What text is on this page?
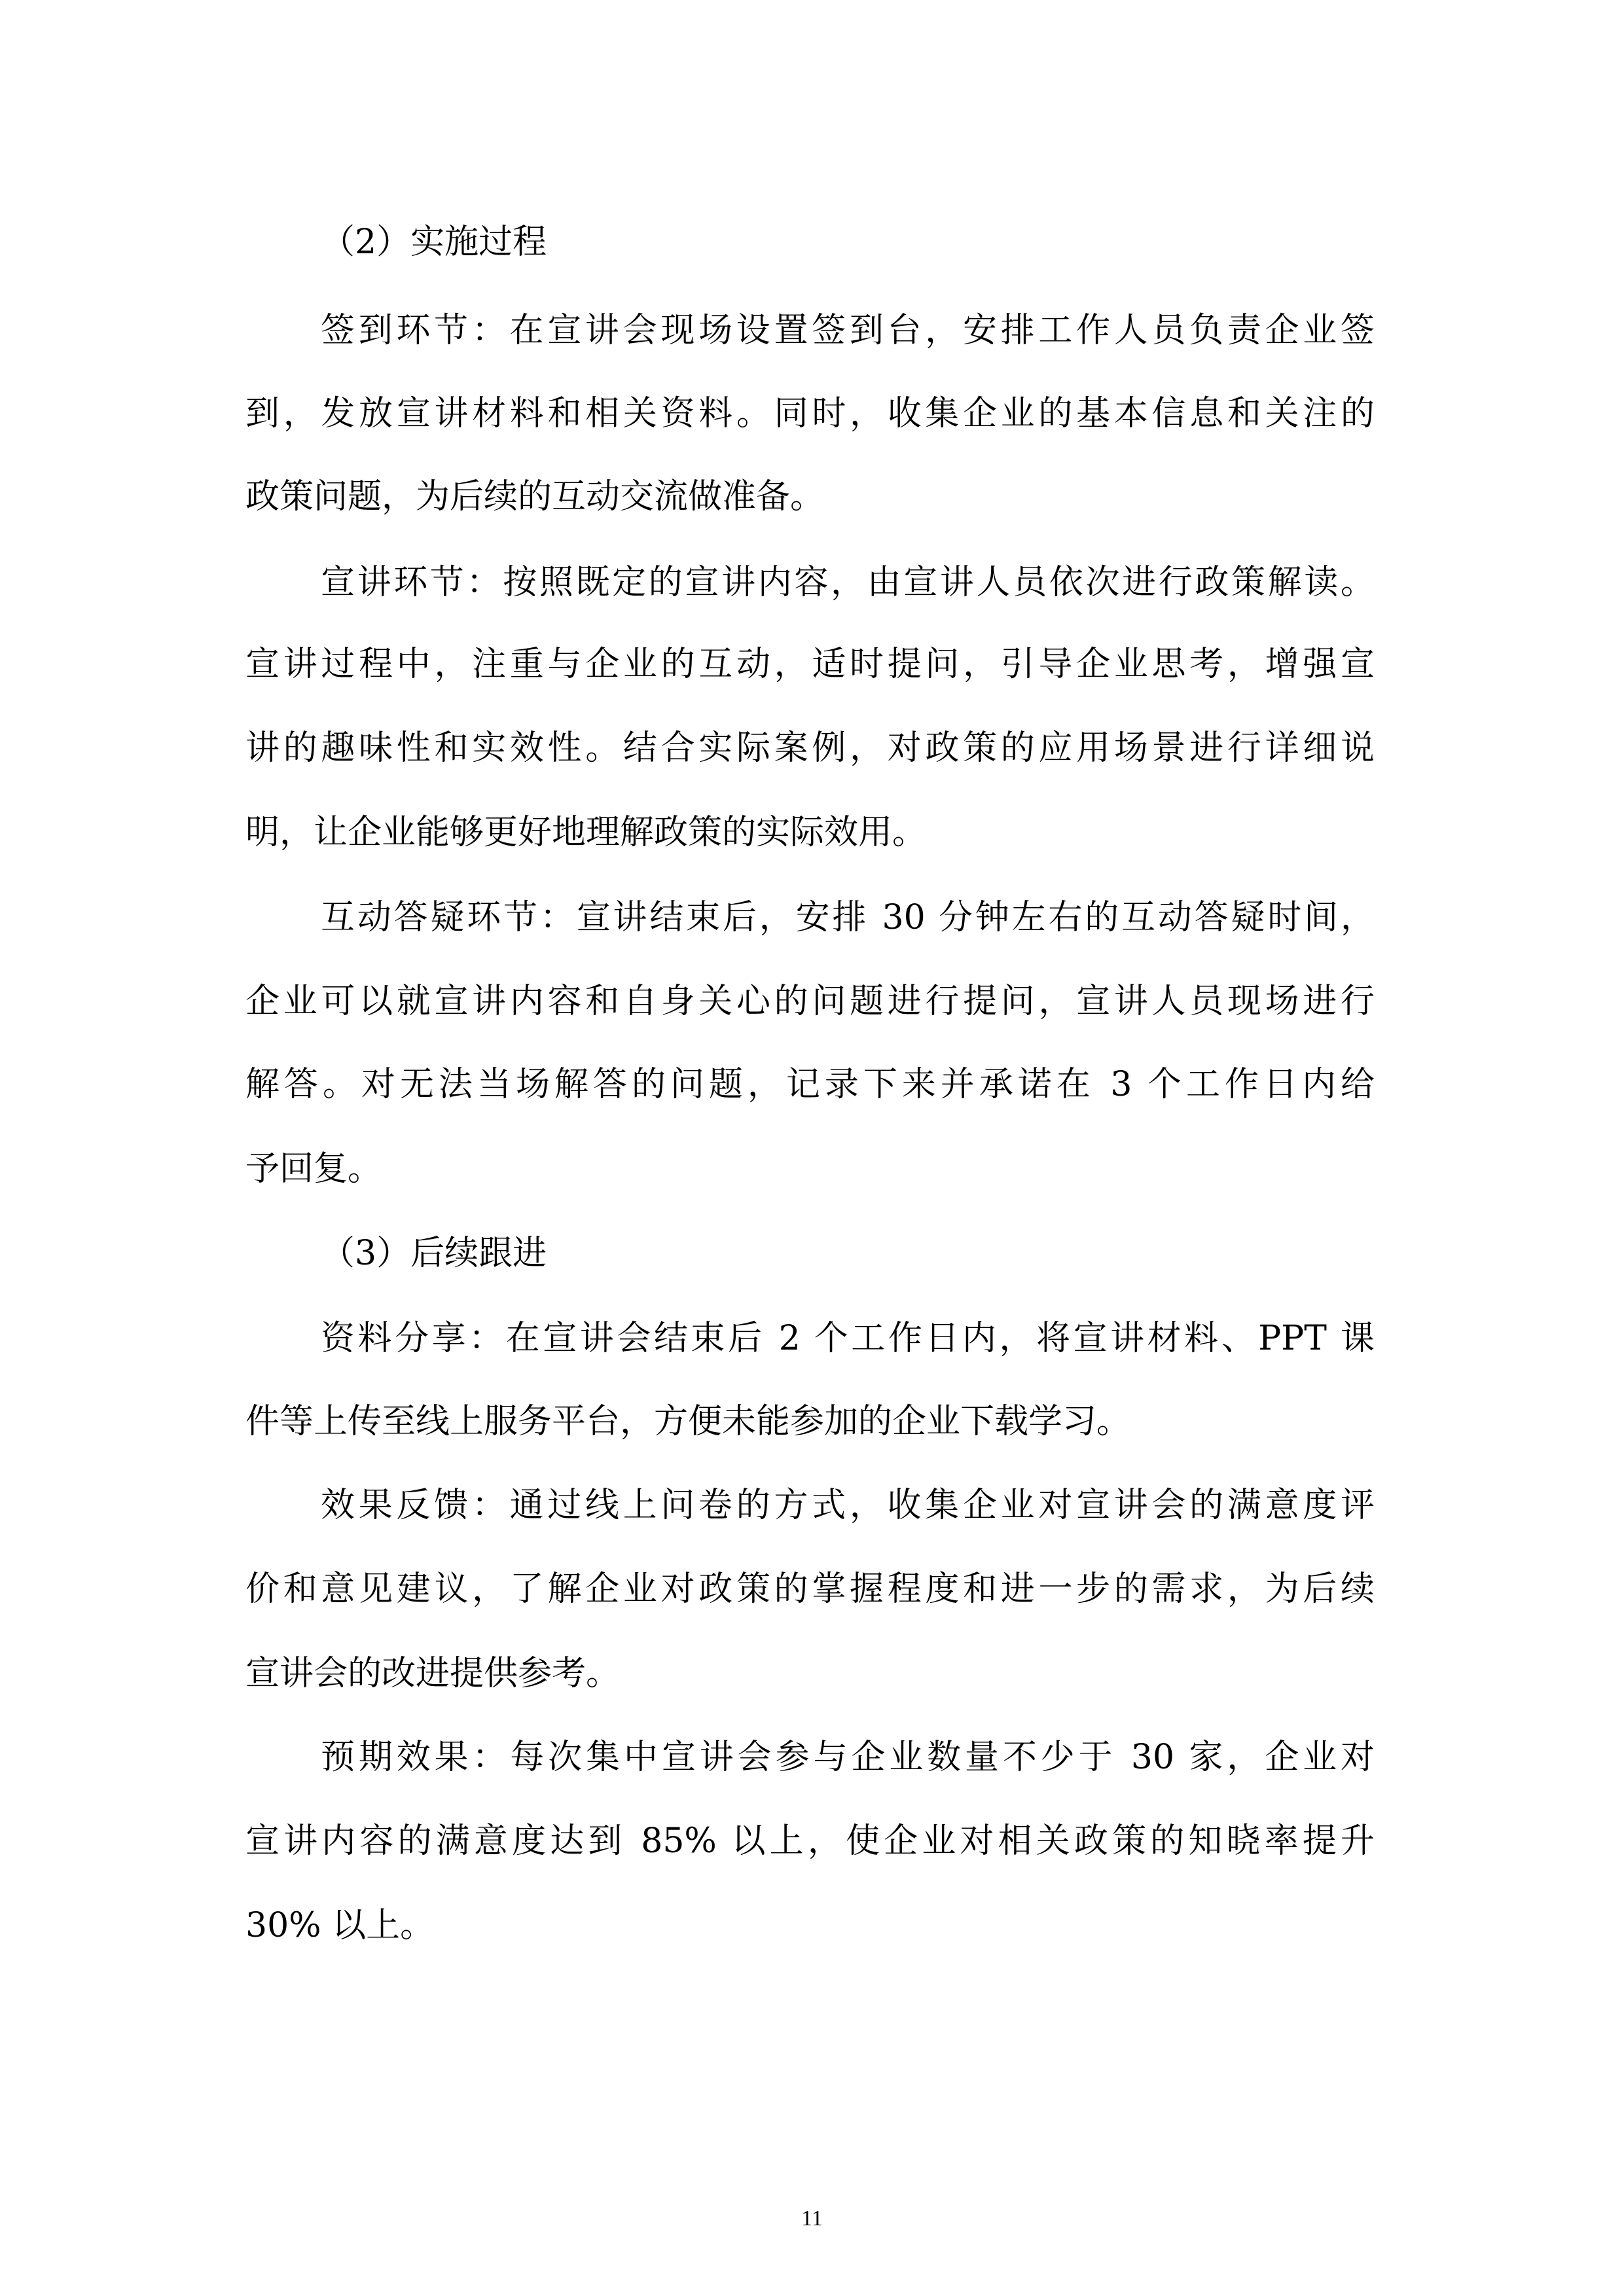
（2）实施过程

签到环节：在宣讲会现场设置签到台，安排工作人员负责企业签

到，发放宣讲材料和相关资料。同时，收集企业的基本信息和关注的

政策问题，为后续的互动交流做准备。

宣讲环节：按照既定的宣讲内容，由宣讲人员依次进行政策解读。

宣讲过程中，注重与企业的互动，适时提问，引导企业思考，增强宣

讲的趣味性和实效性。结合实际案例，对政策的应用场景进行详细说

明，让企业能够更好地理解政策的实际效用。

互动答疑环节：宣讲结束后，安排 30 分钟左右的互动答疑时间，

企业可以就宣讲内容和自身关心的问题进行提问，宣讲人员现场进行

解答。对无法当场解答的问题，记录下来并承诺在 3 个工作日内给

予回复。

（3）后续跟进

资料分享：在宣讲会结束后 2 个工作日内，将宣讲材料、PPT 课

件等上传至线上服务平台，方便未能参加的企业下载学习。

效果反馈：通过线上问卷的方式，收集企业对宣讲会的满意度评

价和意见建议，了解企业对政策的掌握程度和进一步的需求，为后续

宣讲会的改进提供参考。

预期效果：每次集中宣讲会参与企业数量不少于 30 家，企业对

宣讲内容的满意度达到 85% 以上，使企业对相关政策的知晓率提升

30% 以上。

11
